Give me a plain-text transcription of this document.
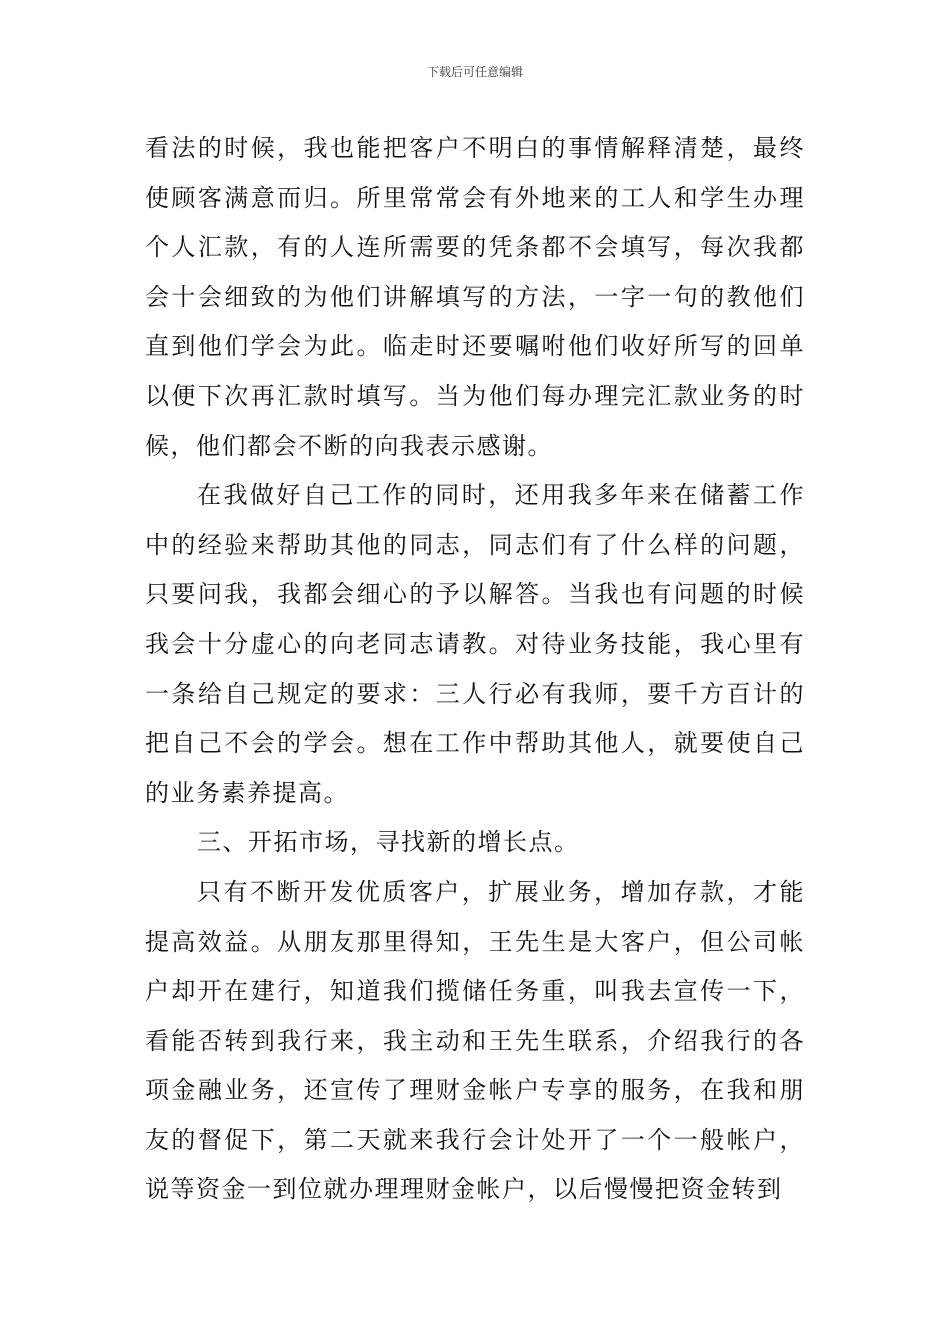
下载后可任意编辑

看法的时候，我也能把客户不明白的事情解释清楚，最终使顾客满意而归。所里常常会有外地来的工人和学生办理个人汇款，有的人连所需要的凭条都不会填写，每次我都会十会细致的为他们讲解填写的方法，一字一句的教他们直到他们学会为此。临走时还要嘱咐他们收好所写的回单以便下次再汇款时填写。当为他们每办理完汇款业务的时候，他们都会不断的向我表示感谢。

在我做好自己工作的同时，还用我多年来在储蓄工作中的经验来帮助其他的同志，同志们有了什么样的问题，只要问我，我都会细心的予以解答。当我也有问题的时候我会十分虚心的向老同志请教。对待业务技能，我心里有一条给自己规定的要求：三人行必有我师，要千方百计的把自己不会的学会。想在工作中帮助其他人，就要使自己的业务素养提高。

三、开拓市场，寻找新的增长点。

只有不断开发优质客户，扩展业务，增加存款，才能提高效益。从朋友那里得知，王先生是大客户，但公司帐户却开在建行，知道我们揽储任务重，叫我去宣传一下，看能否转到我行来，我主动和王先生联系，介绍我行的各项金融业务，还宣传了理财金帐户专享的服务，在我和朋友的督促下，第二天就来我行会计处开了一个一般帐户，说等资金一到位就办理理财金帐户，以后慢慢把资金转到
